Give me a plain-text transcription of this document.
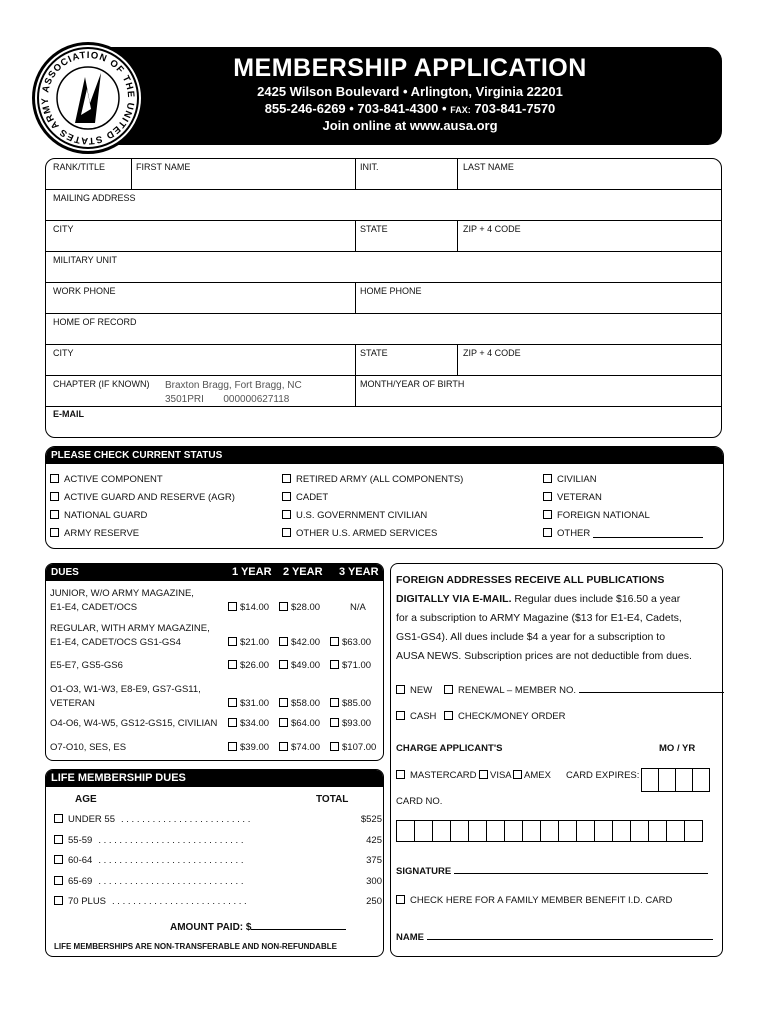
MEMBERSHIP APPLICATION
2425 Wilson Boulevard • Arlington, Virginia 22201
855-246-6269 • 703-841-4300 • FAX: 703-841-7570
Join online at www.ausa.org
ASSOCIATION OF THE UNITED STATES ARMY
RANK/TITLE	FIRST NAME	INIT.	LAST NAME
MAILING ADDRESS
CITY	STATE	ZIP + 4 CODE
MILITARY UNIT
WORK PHONE	HOME PHONE
HOME OF RECORD
CITY	STATE	ZIP + 4 CODE
CHAPTER (IF KNOWN) Braxton Bragg, Fort Bragg, NC
3501PRI       000000627118
MONTH/YEAR OF BIRTH
E-MAIL
PLEASE CHECK CURRENT STATUS
ACTIVE COMPONENT
ACTIVE GUARD AND RESERVE (AGR)
NATIONAL GUARD
ARMY RESERVE
RETIRED ARMY (ALL COMPONENTS)
CADET
U.S. GOVERNMENT CIVILIAN
OTHER U.S. ARMED SERVICES
CIVILIAN
VETERAN
FOREIGN NATIONAL
OTHER
DUES	1 YEAR 2 YEAR 3 YEAR
JUNIOR, W/O ARMY MAGAZINE,
E1-E4, CADET/OCS	$14.00	$28.00	N/A
REGULAR, WITH ARMY MAGAZINE,
E1-E4, CADET/OCS GS1-GS4	$21.00	$42.00	$63.00
E5-E7, GS5-GS6	$26.00	$49.00	$71.00
O1-O3, W1-W3, E8-E9, GS7-GS11,
VETERAN	$31.00	$58.00	$85.00
O4-O6, W4-W5, GS12-GS15, CIVILIAN	$34.00	$64.00	$93.00
O7-O10, SES, ES	$39.00	$74.00	$107.00
LIFE MEMBERSHIP DUES
AGE	TOTAL
UNDER 55 . . . . . . . . . . . . . . . . . . . . . . . . .	$525
55-59 . . . . . . . . . . . . . . . . . . . . . . . . . . . .	425
60-64 . . . . . . . . . . . . . . . . . . . . . . . . . . . .	375
65-69 . . . . . . . . . . . . . . . . . . . . . . . . . . . .	300
70 PLUS . . . . . . . . . . . . . . . . . . . . . . . . . .	250
AMOUNT PAID: $
LIFE MEMBERSHIPS ARE NON-TRANSFERABLE AND NON-REFUNDABLE
FOREIGN ADDRESSES RECEIVE ALL PUBLICATIONS
DIGITALLY VIA E-MAIL. Regular dues include $16.50 a year
for a subscription to ARMY Magazine ($13 for E1-E4, Cadets,
GS1-GS4). All dues include $4 a year for a subscription to
AUSA NEWS. Subscription prices are not deductible from dues.
NEW	RENEWAL – MEMBER NO.
CASH	CHECK/MONEY ORDER
CHARGE APPLICANT'S	MO / YR
MASTERCARD	VISA	AMEX CARD EXPIRES:
CARD NO.
SIGNATURE
CHECK HERE FOR A FAMILY MEMBER BENEFIT I.D. CARD
NAME
